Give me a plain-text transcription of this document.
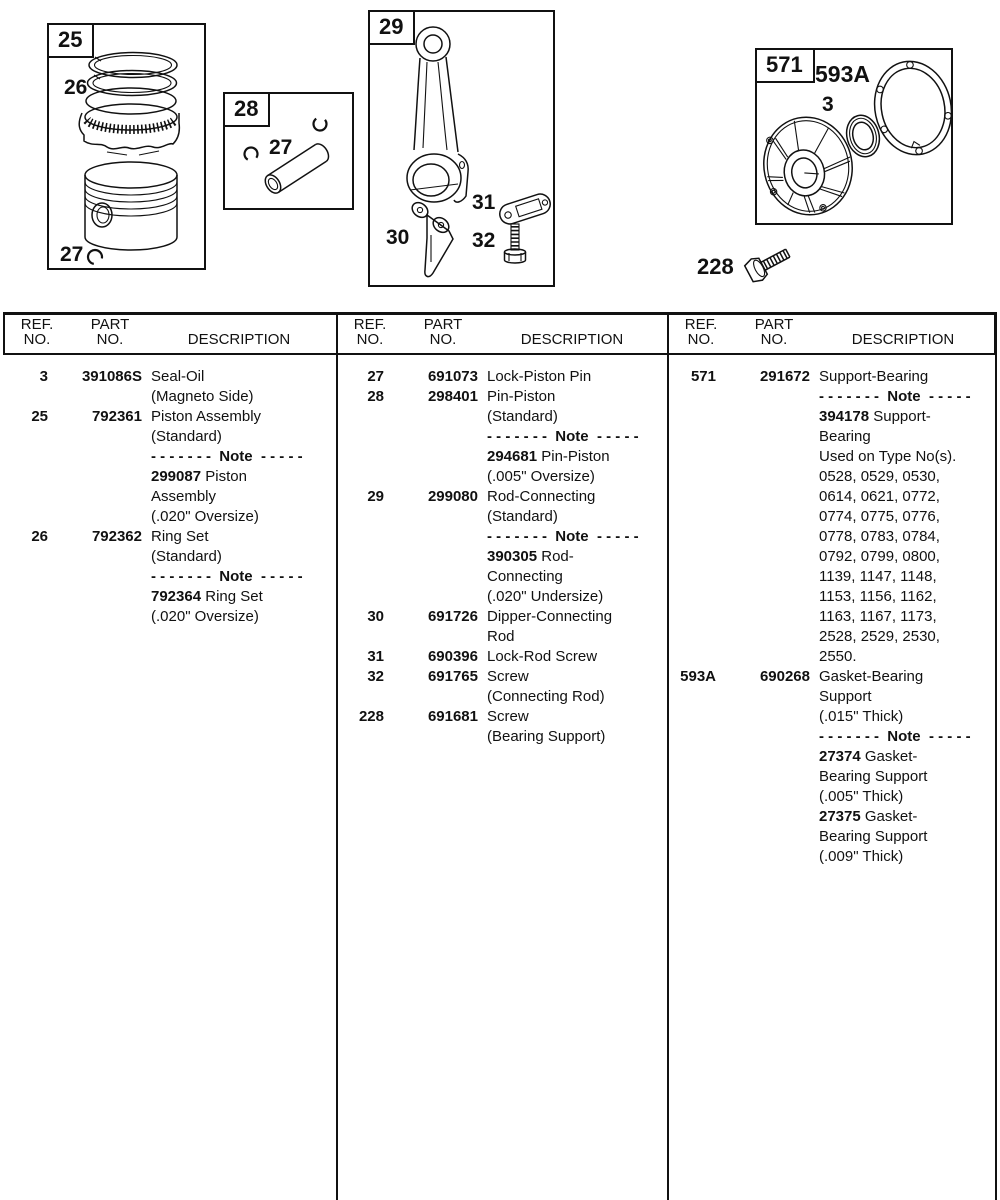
25
26
27
28
27
29
30
31
32
571 593A
3
228
REF.
NO.
PART
NO.	DESCRIPTION
REF.
NO.
PART
NO.	DESCRIPTION
REF.
NO.
PART
NO.	DESCRIPTION
3	391086S Seal-Oil
(Magneto Side)
25	792361 Piston Assembly
(Standard)
- - - - - - -  Note  - - - - -
299087 Piston
Assembly
(.020" Oversize)
26	792362 Ring Set
(Standard)
- - - - - - -  Note  - - - - -
792364 Ring Set
(.020" Oversize)
27	691073 Lock-Piston Pin
28	298401 Pin-Piston
(Standard)
- - - - - - -  Note  - - - - -
294681 Pin-Piston
(.005" Oversize)
29	299080 Rod-Connecting
(Standard)
- - - - - - -  Note  - - - - -
390305 Rod-
Connecting
(.020" Undersize)
30	691726 Dipper-Connecting
Rod
31	690396 Lock-Rod Screw
32	691765 Screw
(Connecting Rod)
228	691681 Screw
(Bearing Support)
571	291672 Support-Bearing
- - - - - - -  Note  - - - - -
394178 Support-
Bearing
Used on Type No(s).
0528, 0529, 0530,
0614, 0621, 0772,
0774, 0775, 0776,
0778, 0783, 0784,
0792, 0799, 0800,
1139, 1147, 1148,
1153, 1156, 1162,
1163, 1167, 1173,
2528, 2529, 2530,
2550.
593A	690268 Gasket-Bearing
Support
(.015" Thick)
- - - - - - -  Note  - - - - -
27374 Gasket-
Bearing Support
(.005" Thick)
27375 Gasket-
Bearing Support
(.009" Thick)
